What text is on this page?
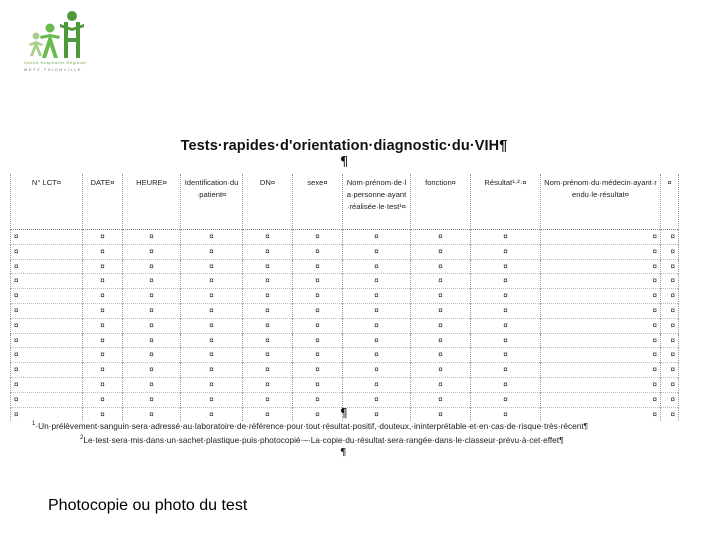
Centre Hospitalier Régional
METZ-THIONVILLE
Tests·rapides·d'orientation·diagnostic·du·VIH¶
¶
N° LCT¤	DATE¤	HEURE¤	Identification·du·patient¤	DN¤	sexe¤	Nom·prénom·de·la·personne·ayant·réalisée·le·test¹¤	fonction¤	Résultat¹·²·¤	Nom·prénom·du·médecin·ayant·rendu·le·résultat¤	¤
¤	¤	¤	¤	¤	¤	¤	¤	¤	¤	¤
¤	¤	¤	¤	¤	¤	¤	¤	¤	¤	¤
¤	¤	¤	¤	¤	¤	¤	¤	¤	¤	¤
¤	¤	¤	¤	¤	¤	¤	¤	¤	¤	¤
¤	¤	¤	¤	¤	¤	¤	¤	¤	¤	¤
¤	¤	¤	¤	¤	¤	¤	¤	¤	¤	¤
¤	¤	¤	¤	¤	¤	¤	¤	¤	¤	¤
¤	¤	¤	¤	¤	¤	¤	¤	¤	¤	¤
¤	¤	¤	¤	¤	¤	¤	¤	¤	¤	¤
¤	¤	¤	¤	¤	¤	¤	¤	¤	¤	¤
¤	¤	¤	¤	¤	¤	¤	¤	¤	¤	¤
¤	¤	¤	¤	¤	¤	¤	¤	¤	¤	¤
¤	¤	¤	¤	¤	¤	¤	¤	¤	¤	¤
¶
$^1$·Un·prélèvement·sanguin·sera·adressé·au·laboratoire·de·référence·pour·tout·résultat·positif,·douteux,·ininterprétable·et·en·cas·de·risque·très·récent¶
$^2$Le·test·sera·mis·dans·un·sachet·plastique·puis·photocopié·–·La·copie·du·résultat·sera·rangée·dans·le·classeur·prévu·à·cet·effet¶
¶
Photocopie ou photo du test
